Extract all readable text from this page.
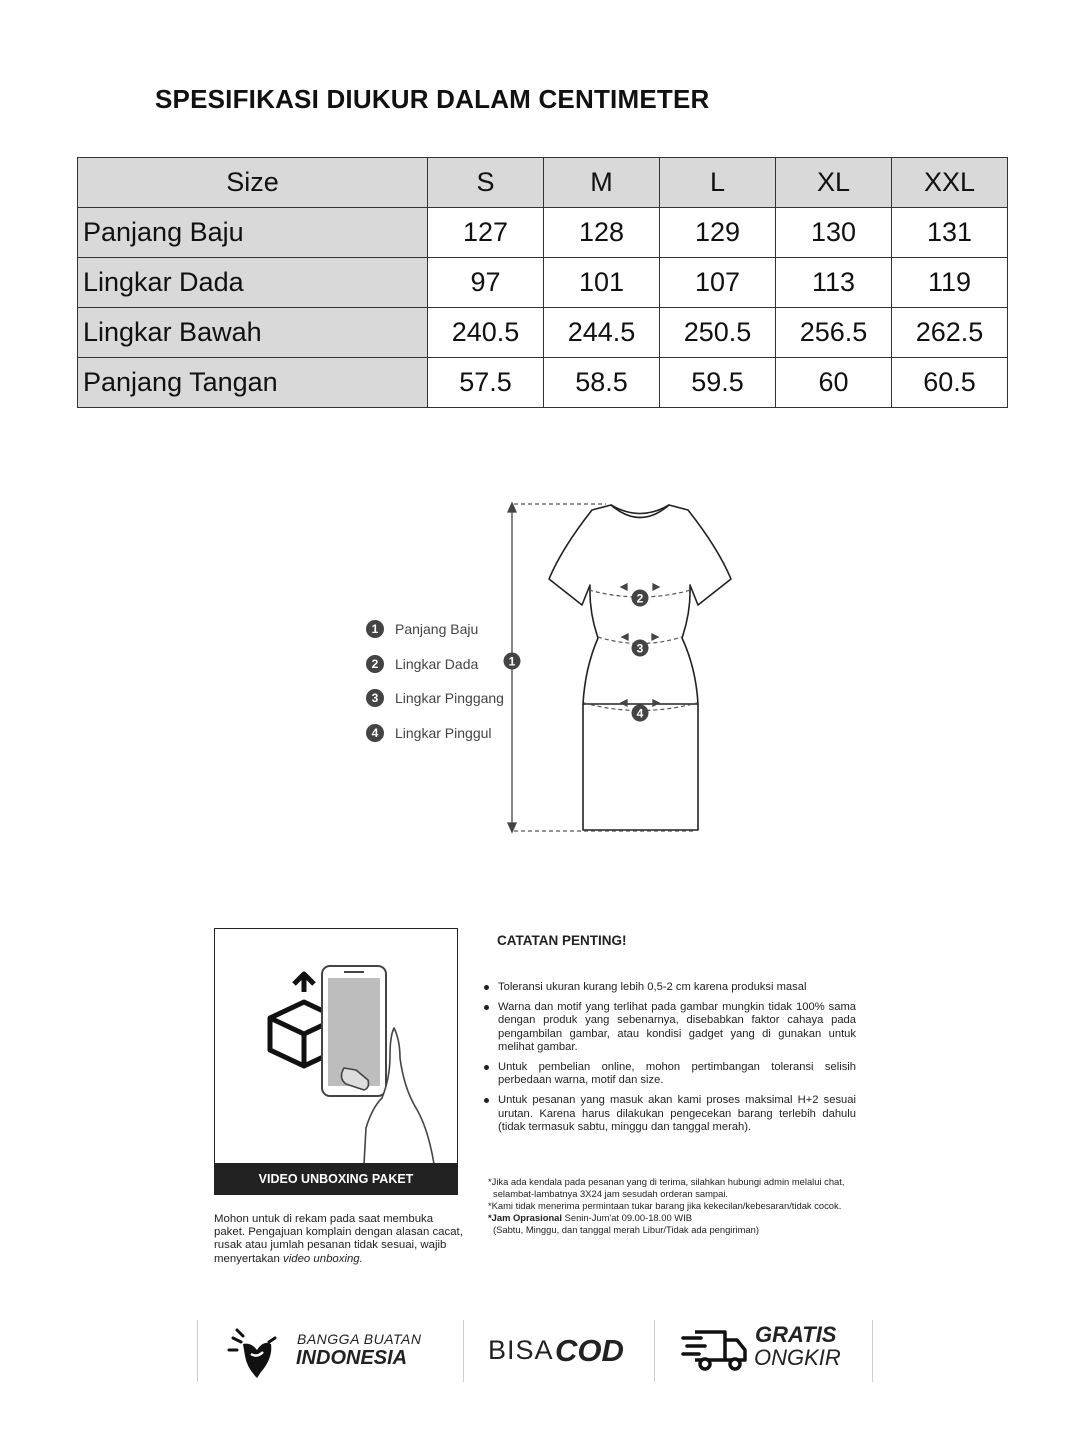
SPESIFIKASI DIUKUR DALAM CENTIMETER
Size	S	M	L	XL	XXL
Panjang Baju	127	128	129	130	131
Lingkar Dada	97	101	107	113	119
Lingkar Bawah	240.5	244.5	250.5	256.5	262.5
Panjang Tangan	57.5	58.5	59.5	60	60.5
1
2
3
4
1	Panjang Baju
2	Lingkar Dada
3	Lingkar Pinggang
4	Lingkar Pinggul
VIDEO UNBOXING PAKET
Mohon untuk di rekam pada saat membuka paket. Pengajuan komplain dengan alasan cacat, rusak atau jumlah pesanan tidak sesuai, wajib menyertakan video unboxing.
CATATAN PENTING!
Toleransi ukuran kurang lebih 0,5-2 cm karena produksi masal
Warna dan motif yang terlihat pada gambar mungkin tidak 100% sama dengan produk yang sebenarnya, disebabkan faktor cahaya pada pengambilan gambar, atau kondisi gadget yang di gunakan untuk melihat gambar.
Untuk pembelian online, mohon pertimbangan toleransi selisih perbedaan warna, motif dan size.
Untuk pesanan yang masuk akan kami proses maksimal H+2 sesuai urutan. Karena harus dilakukan pengecekan barang terlebih dahulu (tidak termasuk sabtu, minggu dan tanggal merah).

*Jika ada kendala pada pesanan yang di terima, silahkan hubungi admin melalui chat,

selambat-lambatnya 3X24 jam sesudah orderan sampai.

*Kami tidak menerima permintaan tukar barang jika kekecilan/kebesaran/tidak cocok.

*Jam Oprasional Senin-Jum'at 09.00-18.00 WIB

(Sabtu, Minggu, dan tanggal merah Libur/Tidak ada pengiriman)

BANGGA BUATAN
INDONESIA	BISA COD	GRATIS
ONGKIR
